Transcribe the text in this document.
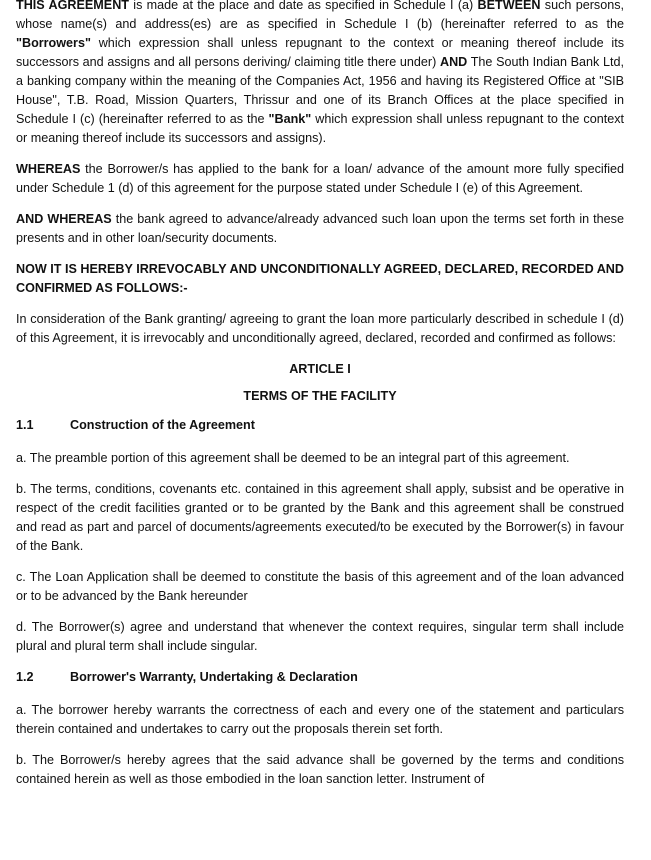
THIS AGREEMENT is made at the place and date as specified in Schedule I (a) BETWEEN such persons, whose name(s) and address(es) are as specified in Schedule I (b) (hereinafter referred to as the "Borrowers" which expression shall unless repugnant to the context or meaning thereof include its successors and assigns and all persons deriving/ claiming title there under) AND The South Indian Bank Ltd, a banking company within the meaning of the Companies Act, 1956 and having its Registered Office at "SIB House", T.B. Road, Mission Quarters, Thrissur and one of its Branch Offices at the place specified in Schedule I (c) (hereinafter referred to as the "Bank" which expression shall unless repugnant to the context or meaning thereof include its successors and assigns).

WHEREAS the Borrower/s has applied to the bank for a loan/ advance of the amount more fully specified under Schedule 1 (d) of this agreement for the purpose stated under Schedule I (e) of this Agreement.

AND WHEREAS the bank agreed to advance/already advanced such loan upon the terms set forth in these presents and in other loan/security documents.

NOW IT IS HEREBY IRREVOCABLY AND UNCONDITIONALLY AGREED, DECLARED, RECORDED AND CONFIRMED AS FOLLOWS:-

In consideration of the Bank granting/ agreeing to grant the loan more particularly described in schedule I (d) of this Agreement, it is irrevocably and unconditionally agreed, declared, recorded and confirmed as follows:

ARTICLE I
TERMS OF THE FACILITY
1.1	Construction of the Agreement

a. The preamble portion of this agreement shall be deemed to be an integral part of this agreement.

b. The terms, conditions, covenants etc. contained in this agreement shall apply, subsist and be operative in respect of the credit facilities granted or to be granted by the Bank and this agreement shall be construed and read as part and parcel of documents/agreements executed/to be executed by the Borrower(s) in favour of the Bank.

c. The Loan Application shall be deemed to constitute the basis of this agreement and of the loan advanced or to be advanced by the Bank hereunder

d. The Borrower(s) agree and understand that whenever the context requires, singular term shall include plural and plural term shall include singular.

1.2	Borrower's Warranty, Undertaking & Declaration

a. The borrower hereby warrants the correctness of each and every one of the statement and particulars therein contained and undertakes to carry out the proposals therein set forth.

b. The Borrower/s hereby agrees that the said advance shall be governed by the terms and conditions contained herein as well as those embodied in the loan sanction letter. Instrument of
